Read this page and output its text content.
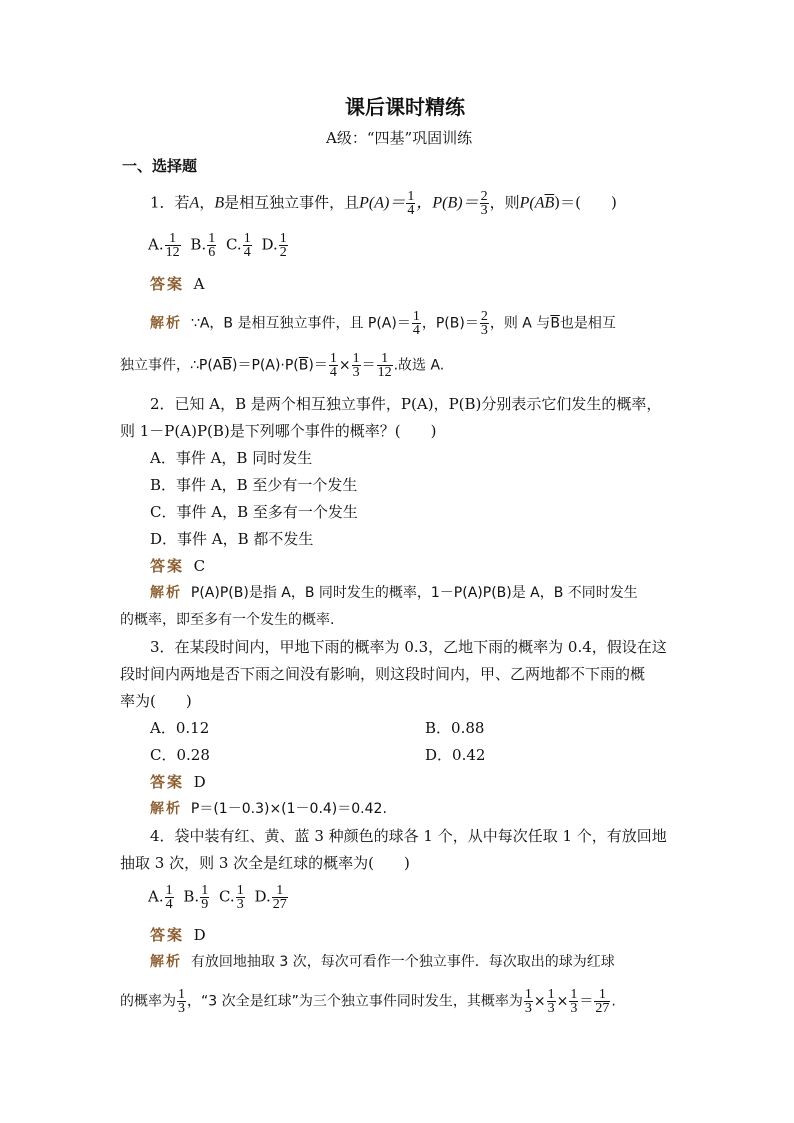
课后课时精练
A级：“四基”巩固训练
一、选择题
1．若A，B是相互独立事件，且$P(A)= \frac{1}{4}$ ，$P(B)= \frac{2}{3}$ ，则$P(A\overline{B})=$(　　)
A. $\frac{1}{12} B$. $\frac{1}{6} C$. $\frac{1}{4} D$. $\frac{1}{2}$
答案 A
解析 ∵A，B 是相互独立事件，且 $P(A)= \frac{1}{4}$ ，$P(B)= \frac{2}{3}$ ，则 A 与$\overline{B}$也是相互
独立事件，$\therefore P(A\overline{B})=P(A)\cdot P(\overline{B})= \frac{1}{4} \times \frac{1}{3} = \frac{1}{12}$ .故选 A.
2．已知 A，B 是两个相互独立事件，P(A)，P(B)分别表示它们发生的概率，
则 1－P(A)P(B)是下列哪个事件的概率？(　　)
A．事件 A，B 同时发生
B．事件 A，B 至少有一个发生
C．事件 A，B 至多有一个发生
D．事件 A，B 都不发生
答案 C
解析 P(A)P(B)是指 A，B 同时发生的概率，1－P(A)P(B)是 A，B 不同时发生
的概率，即至多有一个发生的概率.
3．在某段时间内，甲地下雨的概率为 0.3，乙地下雨的概率为 0.4，假设在这
段时间内两地是否下雨之间没有影响，则这段时间内，甲、乙两地都不下雨的概
率为(　　)
A．0.12	B．0.88
C．0.28	D．0.42
答案 D
解析 P＝(1－0.3)×(1－0.4)＝0.42.
4．袋中装有红、黄、蓝 3 种颜色的球各 1 个，从中每次任取 1 个，有放回地
抽取 3 次，则 3 次全是红球的概率为(　　)
A. $\frac{1}{4} B$. $\frac{1}{9} C$. $\frac{1}{3} D$. $\frac{1}{27}$
答案 D
解析 有放回地抽取 3 次，每次可看作一个独立事件．每次取出的球为红球
的概率为 $\frac{1}{3}$ ，“3 次全是红球”为三个独立事件同时发生，其概率为 $\frac{1}{3} \times \frac{1}{3} \times \frac{1}{3} = \frac{1}{27}$ .
